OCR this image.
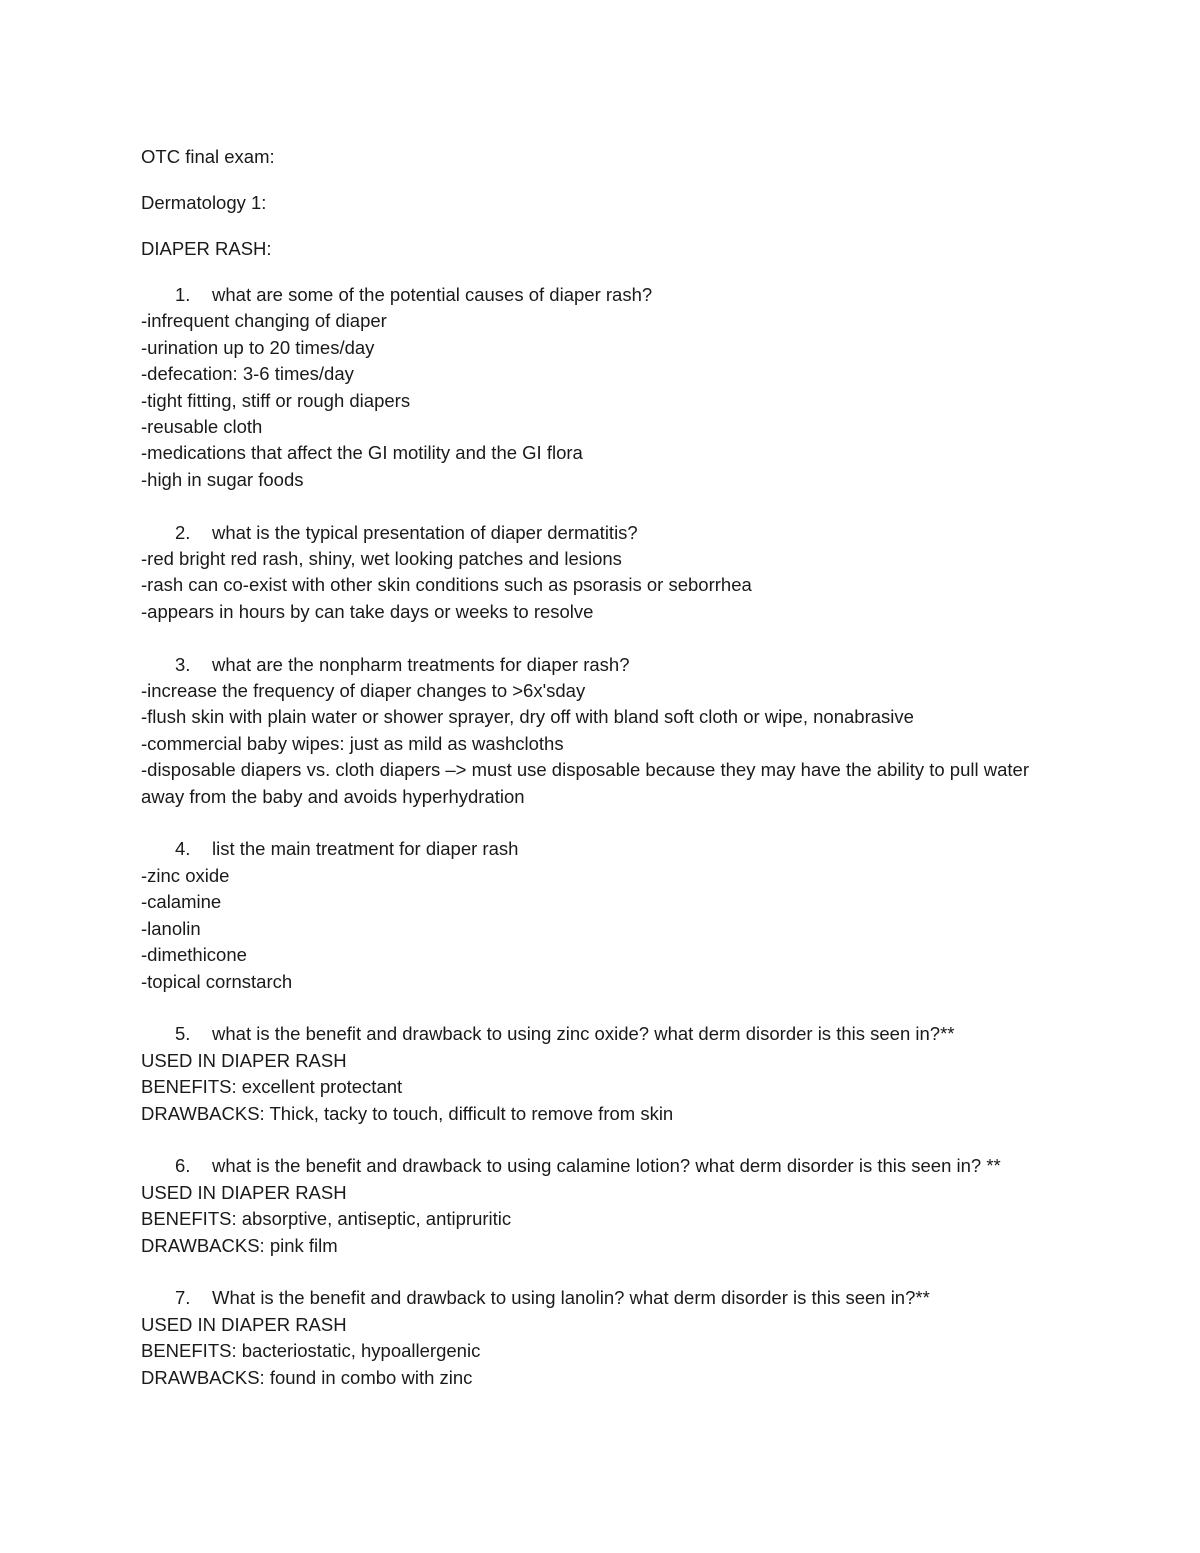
OTC final exam:

Dermatology 1:

DIAPER RASH:

1.	what are some of the potential causes of diaper rash?
-infrequent changing of diaper
-urination up to 20 times/day
-defecation: 3-6 times/day
-tight fitting, stiff or rough diapers
-reusable cloth
-medications that affect the GI motility and the GI flora
-high in sugar foods
2.	what is the typical presentation of diaper dermatitis?
-red bright red rash, shiny, wet looking patches and lesions
-rash can co-exist with other skin conditions such as psorasis or seborrhea
-appears in hours by can take days or weeks to resolve
3.	what are the nonpharm treatments for diaper rash?
-increase the frequency of diaper changes to >6x'sday
-flush skin with plain water or shower sprayer, dry off with bland soft cloth or wipe, nonabrasive
-commercial baby wipes: just as mild as washcloths
-disposable diapers vs. cloth diapers –> must use disposable because they may have the ability to pull water away from the baby and avoids hyperhydration
4.	list the main treatment for diaper rash
-zinc oxide
-calamine
-lanolin
-dimethicone
-topical cornstarch
5.	what is the benefit and drawback to using zinc oxide? what derm disorder is this seen in?**
USED IN DIAPER RASH
BENEFITS: excellent protectant
DRAWBACKS: Thick, tacky to touch, difficult to remove from skin
6.	what is the benefit and drawback to using calamine lotion? what derm disorder is this seen in? **
USED IN DIAPER RASH
BENEFITS: absorptive, antiseptic, antipruritic
DRAWBACKS: pink film
7.	What is the benefit and drawback to using lanolin? what derm disorder is this seen in?**
USED IN DIAPER RASH
BENEFITS: bacteriostatic, hypoallergenic
DRAWBACKS: found in combo with zinc
